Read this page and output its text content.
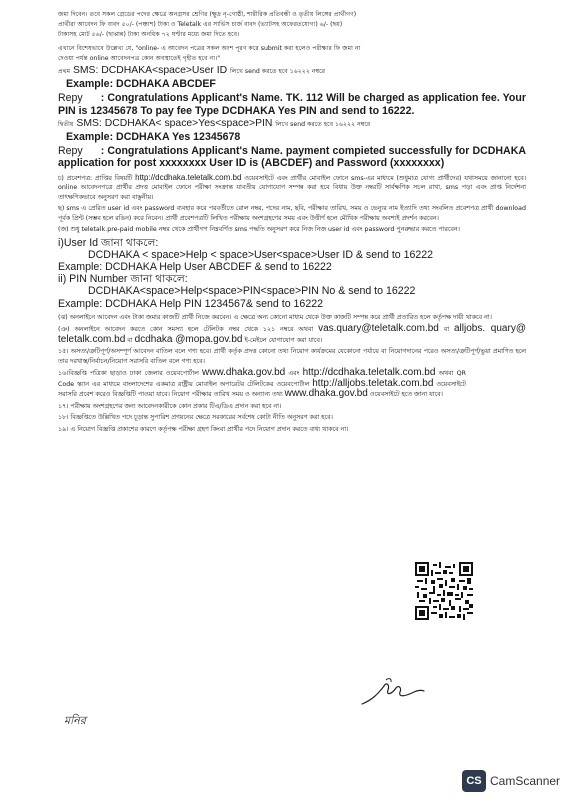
জমা দিবেন। তবে সকল গ্রেডের পদের ক্ষেত্রে অনগ্রসর শ্রেণির (ক্ষুদ্র নৃ-গোষ্ঠী, শারীরিক প্রতিবন্ধী ও তৃতীয় লিঙ্গের প্রার্থীগণ)

প্রার্থীরা আবেদন ফি বাবদ ৫০/- (পঞ্চাশ) টাকা ও Teletalk এর সার্ভিস চার্জ বাবদ (ভ্যাটসহ অফেরতযোগ্য) ৬/- (ছয়)

টাকাসহ মোট ৫৬/- (ছাপ্পান্ন) টাকা অনধিক ৭২ ঘণ্টার মধ্যে জমা দিতে হবে।

এখানে বিশেষভাবে উল্লেখ্য যে, "online- এ আবেদন পত্রের সকল অংশ পূরণ করে submit করা হলেও পরীক্ষার ফি জমা না

দেওয়া পর্যন্ত online আবেদনপত্র কোন অবস্থাতেই গৃহীত হবে না।"

প্রথম SMS: DCDHAKA<space>User ID লিখে send করতে হবে ১৬২২২ নম্বরে
Example: DCDHAKA ABCDEF
Repy : Congratulations Applicant's Name. TK. 112 Will be charged as application fee. Your PIN is 12345678 To pay fee Type DCDHAKA Yes PIN and send to 16222.
দ্বিতীয় SMS: DCDHAKA< space>Yes<space>PIN লিখে send করতে হবে ১৬২২২ নম্বরে
Example: DCDHAKA Yes 12345678
Repy : Congratulations Applicant's Name. payment compieted successfully for DCDHAKA application for post xxxxxxxx User ID is (ABCDEF) and Password (xxxxxxxx)

চ) প্রবেশপত্র: প্রাপ্তির বিষয়টি http://dcdhaka.teletalk.com.bd ওয়েবসাইটে এবং প্রার্থীর মোবাইল ফোনে sms-এর মাধ্যমে (শুধুমাত্র যোগ্য প্রার্থীদের) যথাসময়ে জানানো হবে। online আবেদনপত্রে প্রার্থীর প্রদত্ত মোবাইল ফোনে পরীক্ষা সংক্রান্ত যাবতীয় যোগাযোগ সম্পন্ন করা হবে বিধায় উক্ত নম্বরটি সার্বক্ষণিক সচল রাখা, sms পড়া এবং প্রাপ্ত নির্দেশনা তাৎক্ষণিকভাবে অনুসরণ করা বাঞ্ছনীয়।

ছ) sms এ প্রেরিত user id এবং password ব্যবহার করে পরবর্তীতে রোল নম্বর, পদের নাম, ছবি, পরীক্ষার তারিখ, সময় ও ভেন্যুর নাম ইত্যাদি তথ্য সংবলিত প্রবেশপত্র প্রার্থী download পূর্বক প্রিন্ট (সম্ভব হলে রঙিন) করে নিবেন। প্রার্থী প্রবেশপত্রটি লিখিত পরীক্ষায় অংশগ্রহণের সময় এবং উত্তীর্ণ হলে মৌখিক পরীক্ষায় অবশ্যই প্রদর্শন করবেন।

(জ) শুধু teletalk.pre-paid mobile নম্বর থেকে প্রার্থীগণ নিম্নবর্ণিত sms পদ্ধতি অনুসরণ করে নিজ নিজ user id এবং password পুনরুদ্ধার করতে পারবেন।

i)User Id জানা থাকলে:
DCDHAKA < space>Help < space>User<space>User ID & send to 16222
Example: DCDHAKA Help User ABCDEF & send to 16222
ii) PIN Number জানা থাকলে:
DCDHAKA<space>Help<space>PIN<space>PIN No & send to 16222
Example: DCDHAKA Help PIN 1234567& send to 16222

(ঝ) অনলাইনে আবেদন এবং টাকা জমার কাজটি প্রার্থী নিজে করবেন। এ ক্ষেত্রে অন্য কোনো মাধ্যম থেকে উক্ত কাজটি সম্পন্ন করে প্রার্থী প্রতারিত হলে কর্তৃপক্ষ দায়ী থাকবে না।

(ঞ) অনলাইনে আবেদন করতে কোন সমস্যা হলে টেলিটক নম্বর থেকে ১২১ নম্বরে অথবা vas.quary@teletalk.com.bd বা alljobs. quary@ teletalk.com.bd বা dcdhaka @mopa.gov.bd ই-মেইলে যোগাযোগ করা যাবে।

১৫। অসত্য/ত্রুটিপূর্ণ/অসম্পূর্ণ আবেদন বাতিল বলে গণ্য হবে। প্রার্থী কর্তৃক প্রদত্ত কোনো তথ্য নিয়োগ কার্যক্রমের যেকোনো পর্যায়ে বা নিয়োগদানের পরেও অসত্য/ত্রুটিপূর্ণ/ভুয়া প্রমাণিত হলে তার দরখাস্ত/নির্বাচন/নিয়োগ সরাসরি বাতিল বলে গণ্য হবে।

১৬।বিজ্ঞপ্তি পত্রিকা ছাড়াও ঢাকা জেলার ওয়েবপোর্টাল www.dhaka.gov.bd এবং http://dcdhaka.teletalk.com.bd অথবা QR Code স্ক্যান এর মাধ্যমে বাংলাদেশের একমাত্র রাষ্ট্রীয় মোবাইল অপারেটর টেলিটকের ওয়েবপোর্টাল http://alljobs.teletak.com.bd ওয়েবসাইটে সরাসরি প্রবেশ করেও বিজ্ঞপ্তিটি পাওয়া যাবে। নিয়োগ পরীক্ষার তারিখ সময় ও অন্যান্য তথ্য www.dhaka.gov.bd ওয়েবসাইটে হতে জানা যাবে।

১৭। পরীক্ষায় অংশগ্রহণের জন্য আবেদনকারীকে কোন প্রকার টিএ/ডিএ প্রদান করা হবে না।

১৮। বিজ্ঞপ্তিতে উল্লিখিত পদে চূড়ান্ত সুপারিশ প্রণয়নের ক্ষেত্রে সরকারের সর্বশেষ কোটা নীতি অনুসরণ করা হবে।

১৯। এ নিয়োগ বিজ্ঞপ্তি প্রকাশের কারণে কর্তৃপক্ষ পরীক্ষা গ্রহণ কিংবা প্রার্থীর পদে নিয়োগ প্রদান করতে বাধ্য থাকবে না।

মনির
CS CamScanner
